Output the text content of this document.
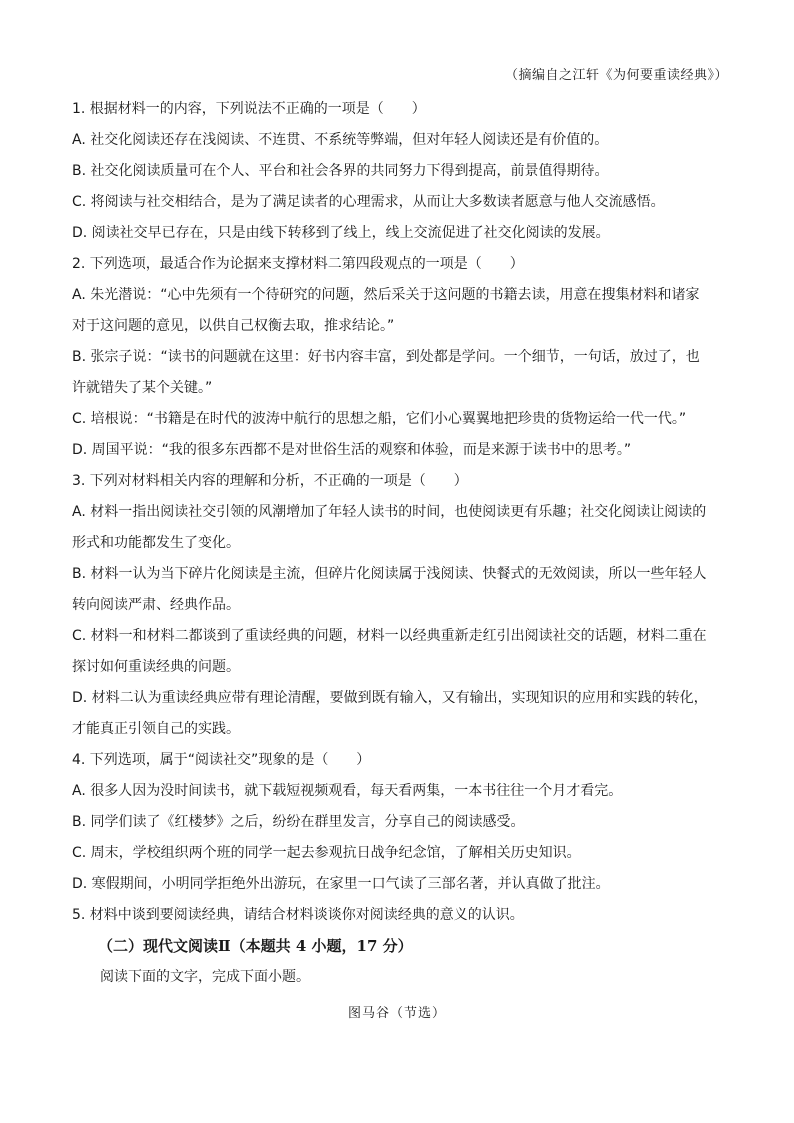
（摘编自之江轩《为何要重读经典》）
1. 根据材料一的内容，下列说法不正确的一项是（　　）
A. 社交化阅读还存在浅阅读、不连贯、不系统等弊端，但对年轻人阅读还是有价值的。
B. 社交化阅读质量可在个人、平台和社会各界的共同努力下得到提高，前景值得期待。
C. 将阅读与社交相结合，是为了满足读者的心理需求，从而让大多数读者愿意与他人交流感悟。
D. 阅读社交早已存在，只是由线下转移到了线上，线上交流促进了社交化阅读的发展。
2. 下列选项，最适合作为论据来支撑材料二第四段观点的一项是（　　）
A. 朱光潜说：“心中先须有一个待研究的问题，然后采关于这问题的书籍去读，用意在搜集材料和诸家
对于这问题的意见，以供自己权衡去取，推求结论。”
B. 张宗子说：“读书的问题就在这里：好书内容丰富，到处都是学问。一个细节，一句话，放过了，也
许就错失了某个关键。”
C. 培根说：“书籍是在时代的波涛中航行的思想之船，它们小心翼翼地把珍贵的货物运给一代一代。”
D. 周国平说：“我的很多东西都不是对世俗生活的观察和体验，而是来源于读书中的思考。”
3. 下列对材料相关内容的理解和分析，不正确的一项是（　　）
A. 材料一指出阅读社交引领的风潮增加了年轻人读书的时间，也使阅读更有乐趣；社交化阅读让阅读的
形式和功能都发生了变化。
B. 材料一认为当下碎片化阅读是主流，但碎片化阅读属于浅阅读、快餐式的无效阅读，所以一些年轻人
转向阅读严肃、经典作品。
C. 材料一和材料二都谈到了重读经典的问题，材料一以经典重新走红引出阅读社交的话题，材料二重在
探讨如何重读经典的问题。
D. 材料二认为重读经典应带有理论清醒，要做到既有输入，又有输出，实现知识的应用和实践的转化，
才能真正引领自己的实践。
4. 下列选项，属于“阅读社交”现象的是（　　）
A. 很多人因为没时间读书，就下载短视频观看，每天看两集，一本书往往一个月才看完。
B. 同学们读了《红楼梦》之后，纷纷在群里发言，分享自己的阅读感受。
C. 周末，学校组织两个班的同学一起去参观抗日战争纪念馆，了解相关历史知识。
D. 寒假期间，小明同学拒绝外出游玩，在家里一口气读了三部名著，并认真做了批注。
5. 材料中谈到要阅读经典，请结合材料谈谈你对阅读经典的意义的认识。
（二）现代文阅读Ⅱ（本题共 4 小题，17 分）
阅读下面的文字，完成下面小题。
图马谷（节选）
